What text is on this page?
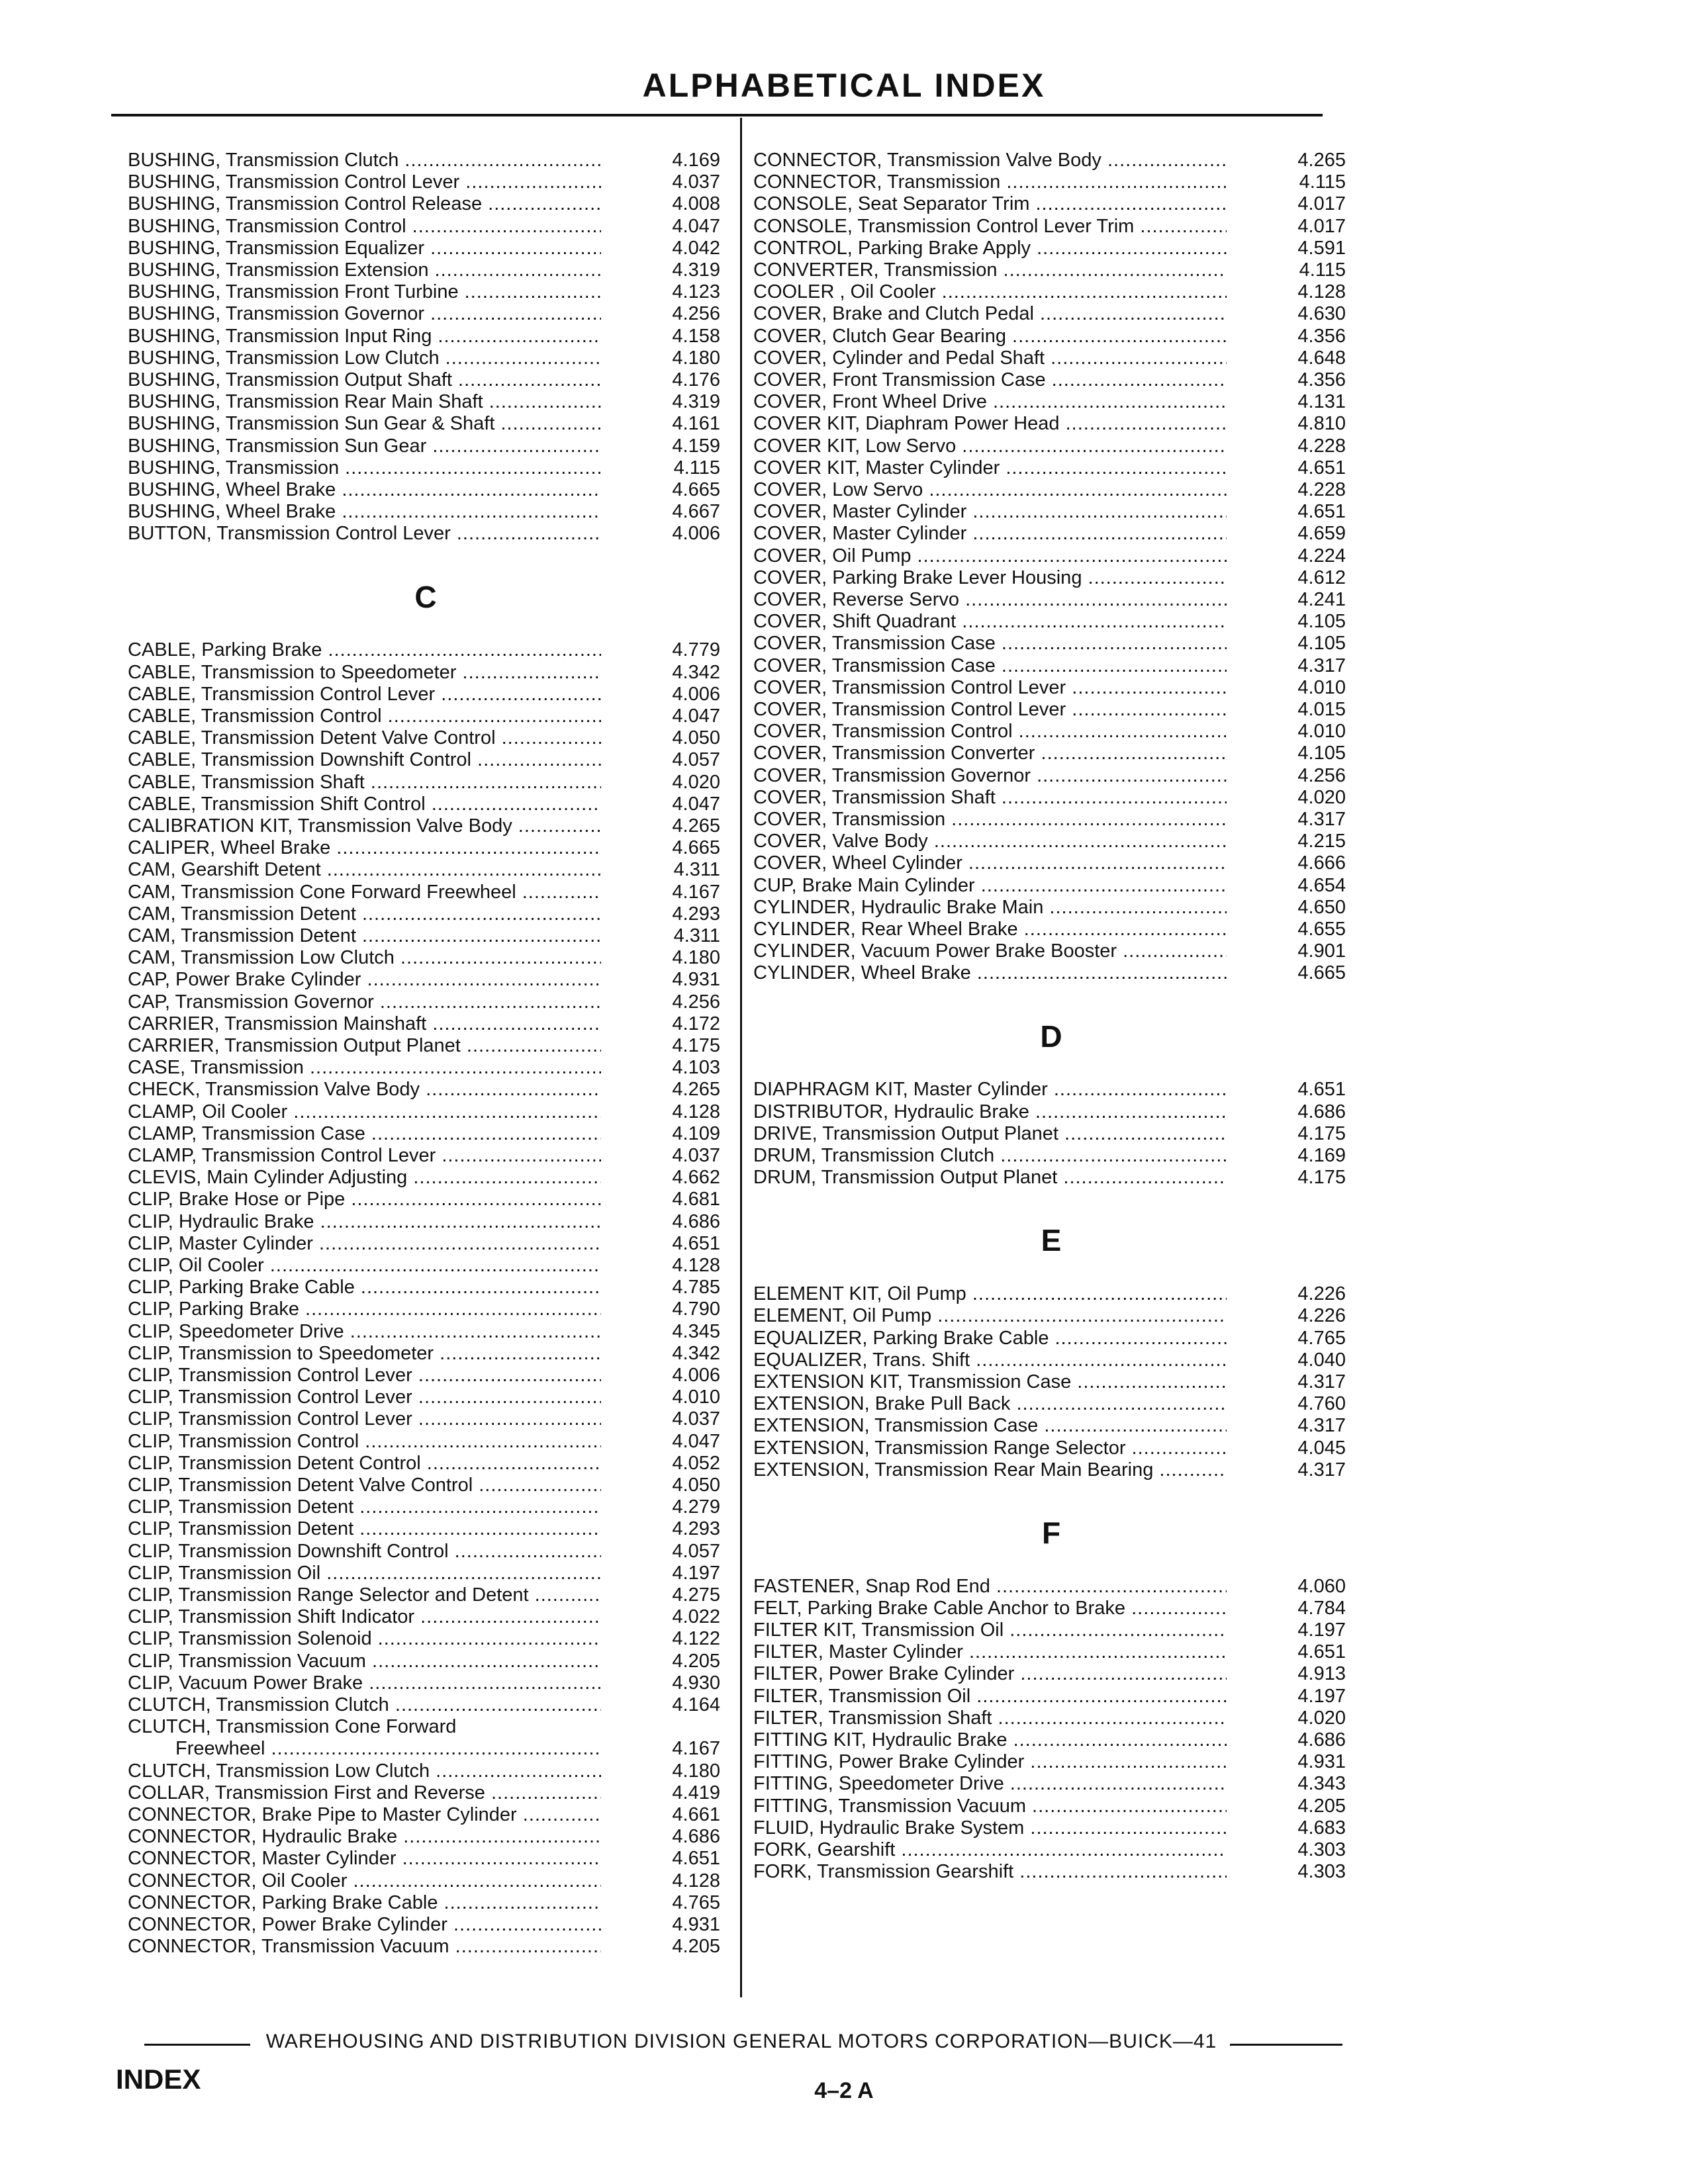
ALPHABETICAL INDEX
BUSHING, Transmission Clutch .....	4.169
BUSHING, Transmission Control Lever .....	4.037
BUSHING, Transmission Control Release .....	4.008
BUSHING, Transmission Control .....	4.047
BUSHING, Transmission Equalizer .....	4.042
BUSHING, Transmission Extension .....	4.319
BUSHING, Transmission Front Turbine .....	4.123
BUSHING, Transmission Governor .....	4.256
BUSHING, Transmission Input Ring .....	4.158
BUSHING, Transmission Low Clutch .....	4.180
BUSHING, Transmission Output Shaft .....	4.176
BUSHING, Transmission Rear Main Shaft .....	4.319
BUSHING, Transmission Sun Gear & Shaft .....	4.161
BUSHING, Transmission Sun Gear .....	4.159
BUSHING, Transmission .....	4.115
BUSHING, Wheel Brake .....	4.665
BUSHING, Wheel Brake .....	4.667
BUTTON, Transmission Control Lever .....	4.006
C
CABLE, Parking Brake .....	4.779
CABLE, Transmission to Speedometer .....	4.342
CABLE, Transmission Control Lever .....	4.006
CABLE, Transmission Control .....	4.047
CABLE, Transmission Detent Valve Control .....	4.050
CABLE, Transmission Downshift Control .....	4.057
CABLE, Transmission Shaft .....	4.020
CABLE, Transmission Shift Control .....	4.047
CALIBRATION KIT, Transmission Valve Body .....	4.265
CALIPER, Wheel Brake .....	4.665
CAM, Gearshift Detent .....	4.311
CAM, Transmission Cone Forward Freewheel .....	4.167
CAM, Transmission Detent .....	4.293
CAM, Transmission Detent .....	4.311
CAM, Transmission Low Clutch .....	4.180
CAP, Power Brake Cylinder .....	4.931
CAP, Transmission Governor .....	4.256
CARRIER, Transmission Mainshaft .....	4.172
CARRIER, Transmission Output Planet .....	4.175
CASE, Transmission .....	4.103
CHECK, Transmission Valve Body .....	4.265
CLAMP, Oil Cooler .....	4.128
CLAMP, Transmission Case .....	4.109
CLAMP, Transmission Control Lever .....	4.037
CLEVIS, Main Cylinder Adjusting .....	4.662
CLIP, Brake Hose or Pipe .....	4.681
CLIP, Hydraulic Brake .....	4.686
CLIP, Master Cylinder .....	4.651
CLIP, Oil Cooler .....	4.128
CLIP, Parking Brake Cable .....	4.785
CLIP, Parking Brake .....	4.790
CLIP, Speedometer Drive .....	4.345
CLIP, Transmission to Speedometer .....	4.342
CLIP, Transmission Control Lever .....	4.006
CLIP, Transmission Control Lever .....	4.010
CLIP, Transmission Control Lever .....	4.037
CLIP, Transmission Control .....	4.047
CLIP, Transmission Detent Control .....	4.052
CLIP, Transmission Detent Valve Control .....	4.050
CLIP, Transmission Detent .....	4.279
CLIP, Transmission Detent .....	4.293
CLIP, Transmission Downshift Control .....	4.057
CLIP, Transmission Oil .....	4.197
CLIP, Transmission Range Selector and Detent .....	4.275
CLIP, Transmission Shift Indicator .....	4.022
CLIP, Transmission Solenoid .....	4.122
CLIP, Transmission Vacuum .....	4.205
CLIP, Vacuum Power Brake .....	4.930
CLUTCH, Transmission Clutch .....	4.164
CLUTCH, Transmission Cone Forward
Freewheel .....	4.167
CLUTCH, Transmission Low Clutch .....	4.180
COLLAR, Transmission First and Reverse .....	4.419
CONNECTOR, Brake Pipe to Master Cylinder .....	4.661
CONNECTOR, Hydraulic Brake .....	4.686
CONNECTOR, Master Cylinder .....	4.651
CONNECTOR, Oil Cooler .....	4.128
CONNECTOR, Parking Brake Cable .....	4.765
CONNECTOR, Power Brake Cylinder .....	4.931
CONNECTOR, Transmission Vacuum .....	4.205
CONNECTOR, Transmission Valve Body .....	4.265
CONNECTOR, Transmission .....	4.115
CONSOLE, Seat Separator Trim .....	4.017
CONSOLE, Transmission Control Lever Trim .....	4.017
CONTROL, Parking Brake Apply .....	4.591
CONVERTER, Transmission .....	4.115
COOLER , Oil Cooler .....	4.128
COVER, Brake and Clutch Pedal .....	4.630
COVER, Clutch Gear Bearing .....	4.356
COVER, Cylinder and Pedal Shaft .....	4.648
COVER, Front Transmission Case .....	4.356
COVER, Front Wheel Drive .....	4.131
COVER KIT, Diaphram Power Head .....	4.810
COVER KIT, Low Servo .....	4.228
COVER KIT, Master Cylinder .....	4.651
COVER, Low Servo .....	4.228
COVER, Master Cylinder .....	4.651
COVER, Master Cylinder .....	4.659
COVER, Oil Pump .....	4.224
COVER, Parking Brake Lever Housing .....	4.612
COVER, Reverse Servo .....	4.241
COVER, Shift Quadrant .....	4.105
COVER, Transmission Case .....	4.105
COVER, Transmission Case .....	4.317
COVER, Transmission Control Lever .....	4.010
COVER, Transmission Control Lever .....	4.015
COVER, Transmission Control .....	4.010
COVER, Transmission Converter .....	4.105
COVER, Transmission Governor .....	4.256
COVER, Transmission Shaft .....	4.020
COVER, Transmission .....	4.317
COVER, Valve Body .....	4.215
COVER, Wheel Cylinder .....	4.666
CUP, Brake Main Cylinder .....	4.654
CYLINDER, Hydraulic Brake Main .....	4.650
CYLINDER, Rear Wheel Brake .....	4.655
CYLINDER, Vacuum Power Brake Booster .....	4.901
CYLINDER, Wheel Brake .....	4.665
D
DIAPHRAGM KIT, Master Cylinder .....	4.651
DISTRIBUTOR, Hydraulic Brake .....	4.686
DRIVE, Transmission Output Planet .....	4.175
DRUM, Transmission Clutch .....	4.169
DRUM, Transmission Output Planet .....	4.175
E
ELEMENT KIT, Oil Pump .....	4.226
ELEMENT, Oil Pump .....	4.226
EQUALIZER, Parking Brake Cable .....	4.765
EQUALIZER, Trans. Shift .....	4.040
EXTENSION KIT, Transmission Case .....	4.317
EXTENSION, Brake Pull Back .....	4.760
EXTENSION, Transmission Case .....	4.317
EXTENSION, Transmission Range Selector .....	4.045
EXTENSION, Transmission Rear Main Bearing .....	4.317
F
FASTENER, Snap Rod End .....	4.060
FELT, Parking Brake Cable Anchor to Brake .....	4.784
FILTER KIT, Transmission Oil .....	4.197
FILTER, Master Cylinder .....	4.651
FILTER, Power Brake Cylinder .....	4.913
FILTER, Transmission Oil .....	4.197
FILTER, Transmission Shaft .....	4.020
FITTING KIT, Hydraulic Brake .....	4.686
FITTING, Power Brake Cylinder .....	4.931
FITTING, Speedometer Drive .....	4.343
FITTING, Transmission Vacuum .....	4.205
FLUID, Hydraulic Brake System .....	4.683
FORK, Gearshift .....	4.303
FORK, Transmission Gearshift .....	4.303
WAREHOUSING AND DISTRIBUTION DIVISION GENERAL MOTORS CORPORATION—BUICK—41
INDEX	4–2 A
